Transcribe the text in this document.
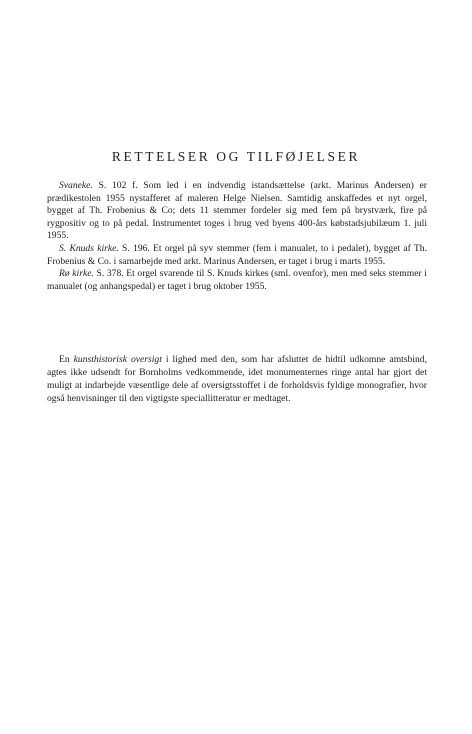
RETTELSER OG TILFØJELSER

Svaneke. S. 102 f. Som led i en indvendig istandsættelse (arkt. Marinus Andersen) er prædikestolen 1955 nystafferet af maleren Helge Nielsen. Samtidig anskaffedes et nyt orgel, bygget af Th. Frobenius & Co; dets 11 stemmer fordeler sig med fem på brystværk, fire på rygpositiv og to på pedal. Instrumentet toges i brug ved byens 400-års købstadsjubilæum 1. juli 1955.

S. Knuds kirke. S. 196. Et orgel på syv stemmer (fem i manualet, to i pedalet), bygget af Th. Frobenius & Co. i samarbejde med arkt. Marinus Andersen, er taget i brug i marts 1955.

Rø kirke. S. 378. Et orgel svarende til S. Knuds kirkes (sml. ovenfor), men med seks stemmer i manualet (og anhangspedal) er taget i brug oktober 1955.

En kunsthistorisk oversigt i lighed med den, som har afsluttet de hidtil udkomne amtsbind, agtes ikke udsendt for Bornholms vedkommende, idet monumenternes ringe antal har gjort det muligt at indarbejde væsentlige dele af oversigtsstoffet i de forholdsvis fyldige monografier, hvor også henvisninger til den vigtigste speciallitteratur er medtaget.
